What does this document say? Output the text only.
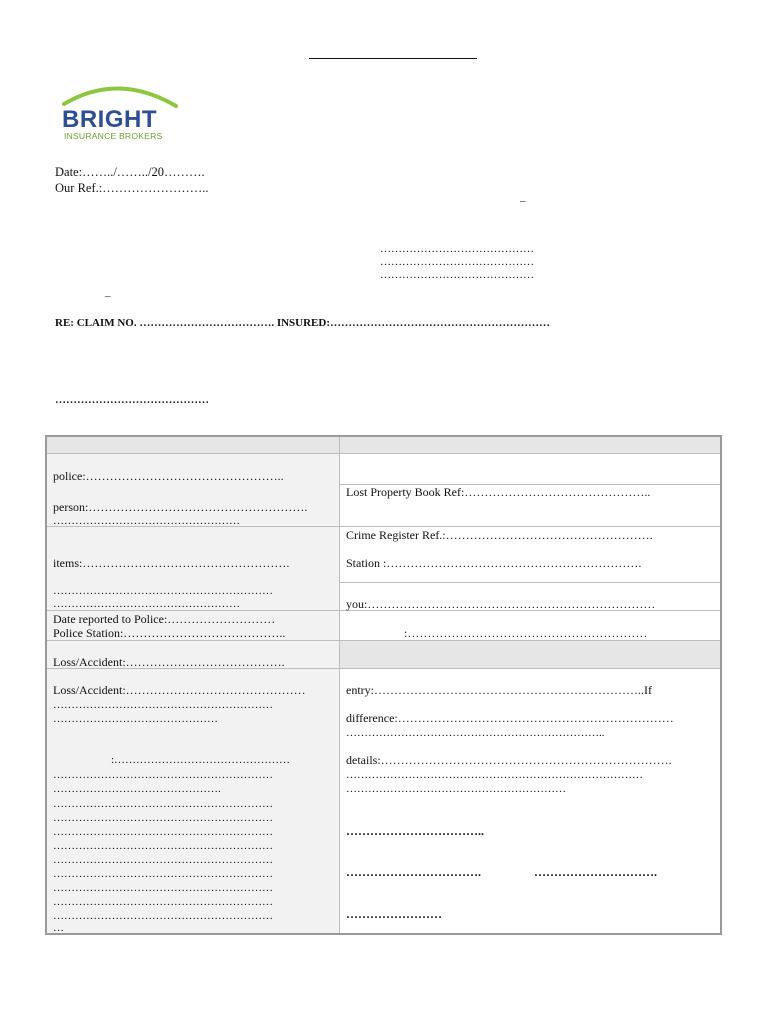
BRIGHT
INSURANCE BROKERS
Date:……../……../20……….
Our Ref.:……………………..
–
……………………………………
……………………………………
……………………………………
–
RE: CLAIM NO. ………………………………. INSURED:……………………………………………………
……………………………………
police:…………………………………………..
person:……………………………………………….
……………………………………………
items:…………………………………………….
……………………………………………………
……………………………………………
Date reported to Police:………………………
Police Station:…………………………………..
Loss/Accident:………………………………….
Loss/Accident:………………………………………
……………………………………………………
………………………………………
:…………………………………………
……………………………………………………
……………………………………….
……………………………………………………
……………………………………………………
……………………………………………………
……………………………………………………
……………………………………………………
……………………………………………………
……………………………………………………
……………………………………………………
……………………………………………………
…
Lost Property Book Ref:………………………………………..
Crime Register Ref.:…………………………………………….
Station :……………………………………………………….
you:………………………………………………………………
:……………………………………………………
entry:…………………………………………………………..If
difference:……………………………………………………………
……………………………………………………………..
details:……………………………………………………………….
………………………………………………………………………
……………………………………………………
……………………………..
…………………………….	………………………….
……………………
